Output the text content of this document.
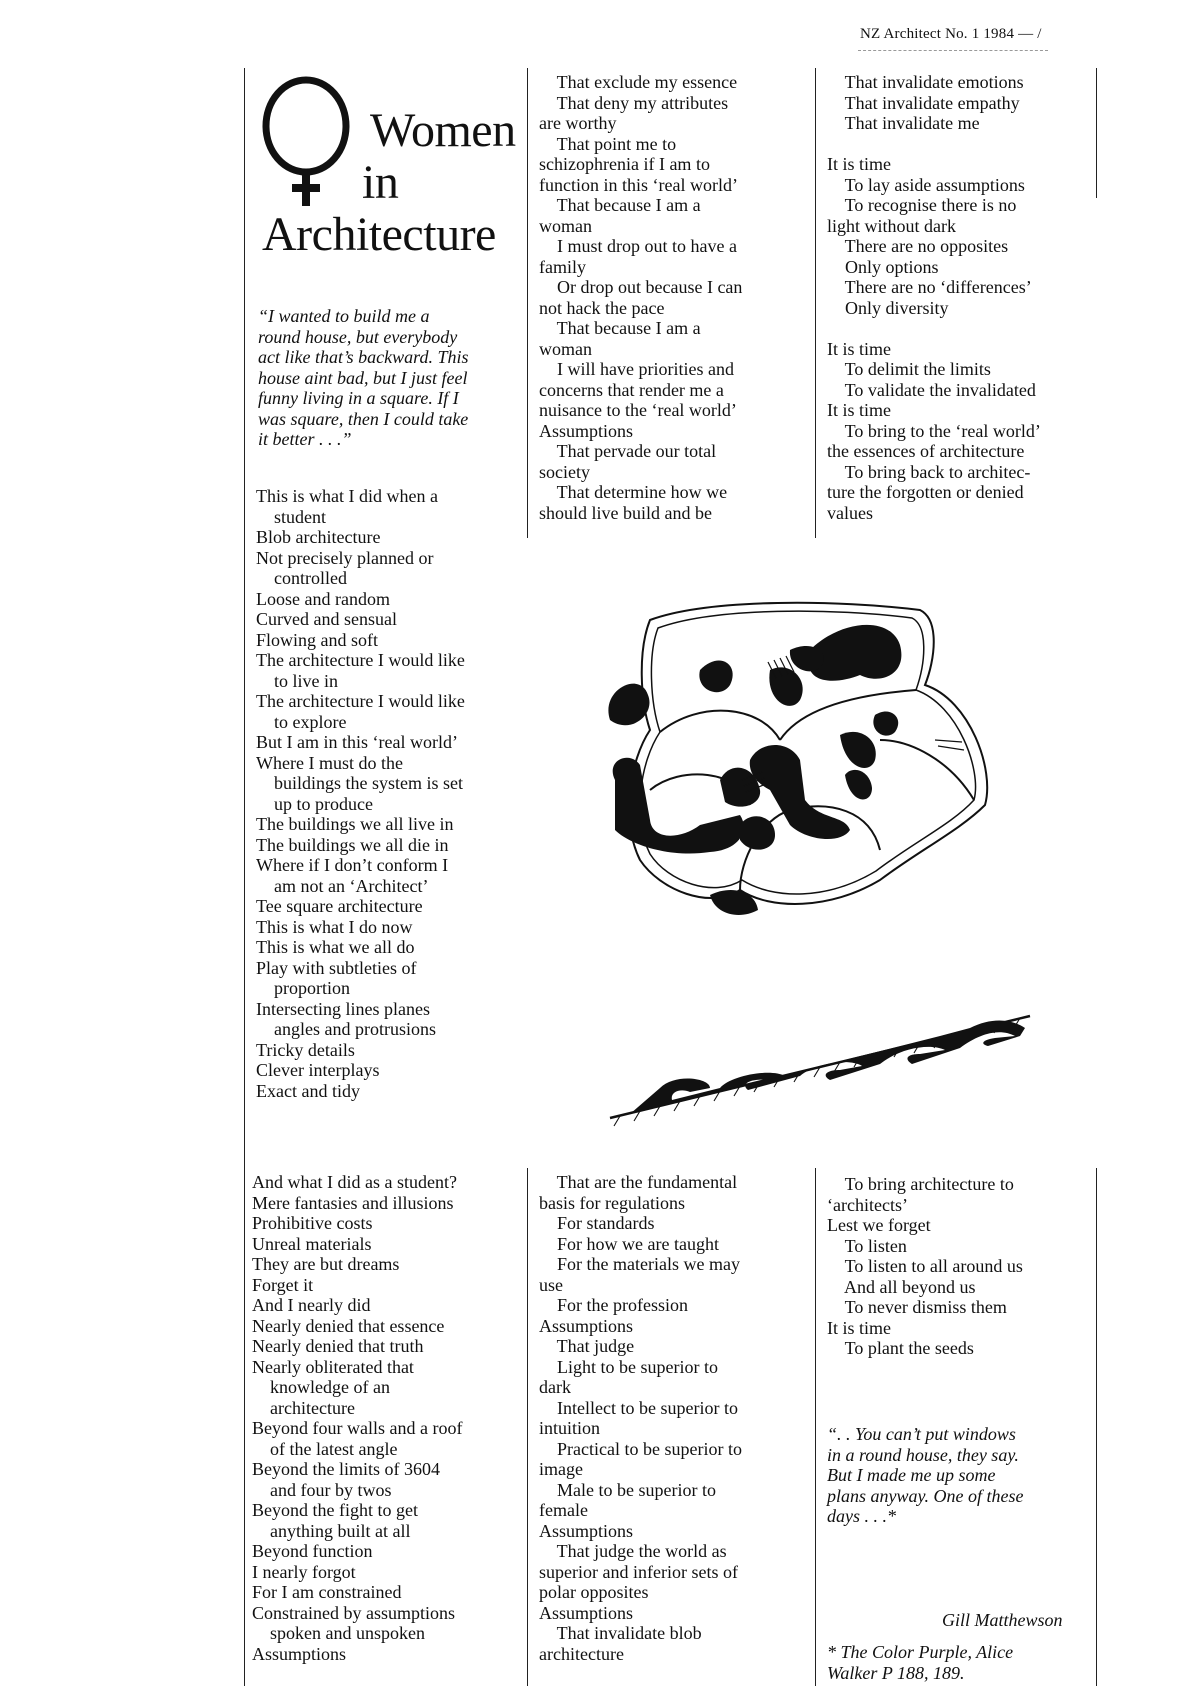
NZ Architect No. 1 1984 — /
Women
in
Architecture
“I wanted to build me a
round house, but everybody
act like that’s backward. This
house aint bad, but I just feel
funny living in a square. If I
was square, then I could take
it better . . .”
This is what I did when a
student
Blob architecture
Not precisely planned or
controlled
Loose and random
Curved and sensual
Flowing and soft
The architecture I would like
to live in
The architecture I would like
to explore
But I am in this ‘real world’
Where I must do the
buildings the system is set
up to produce
The buildings we all live in
The buildings we all die in
Where if I don’t conform I
am not an ‘Architect’
Tee square architecture
This is what I do now
This is what we all do
Play with subtleties of
proportion
Intersecting lines planes
angles and protrusions
Tricky details
Clever interplays
Exact and tidy
And what I did as a student?
Mere fantasies and illusions
Prohibitive costs
Unreal materials
They are but dreams
Forget it
And I nearly did
Nearly denied that essence
Nearly denied that truth
Nearly obliterated that
knowledge of an
architecture
Beyond four walls and a roof
of the latest angle
Beyond the limits of 3604
and four by twos
Beyond the fight to get
anything built at all
Beyond function
I nearly forgot
For I am constrained
Constrained by assumptions
spoken and unspoken
Assumptions
That exclude my essence
That deny my attributes
are worthy
That point me to
schizophrenia if I am to
function in this ‘real world’
That because I am a
woman
I must drop out to have a
family
Or drop out because I can
not hack the pace
That because I am a
woman
I will have priorities and
concerns that render me a
nuisance to the ‘real world’
Assumptions
That pervade our total
society
That determine how we
should live build and be
That are the fundamental
basis for regulations
For standards
For how we are taught
For the materials we may
use
For the profession
Assumptions
That judge
Light to be superior to
dark
Intellect to be superior to
intuition
Practical to be superior to
image
Male to be superior to
female
Assumptions
That judge the world as
superior and inferior sets of
polar opposites
Assumptions
That invalidate blob
architecture
That invalidate emotions
That invalidate empathy
That invalidate me
It is time
To lay aside assumptions
To recognise there is no
light without dark
There are no opposites
Only options
There are no ‘differences’
Only diversity
It is time
To delimit the limits
To validate the invalidated
It is time
To bring to the ‘real world’
the essences of architecture
To bring back to architec-
ture the forgotten or denied
values
To bring architecture to
‘architects’
Lest we forget
To listen
To listen to all around us
And all beyond us
To never dismiss them
It is time
To plant the seeds
“. . You can’t put windows
in a round house, they say.
But I made me up some
plans anyway. One of these
days . . .*
Gill Matthewson
* The Color Purple, Alice
Walker P 188, 189.
